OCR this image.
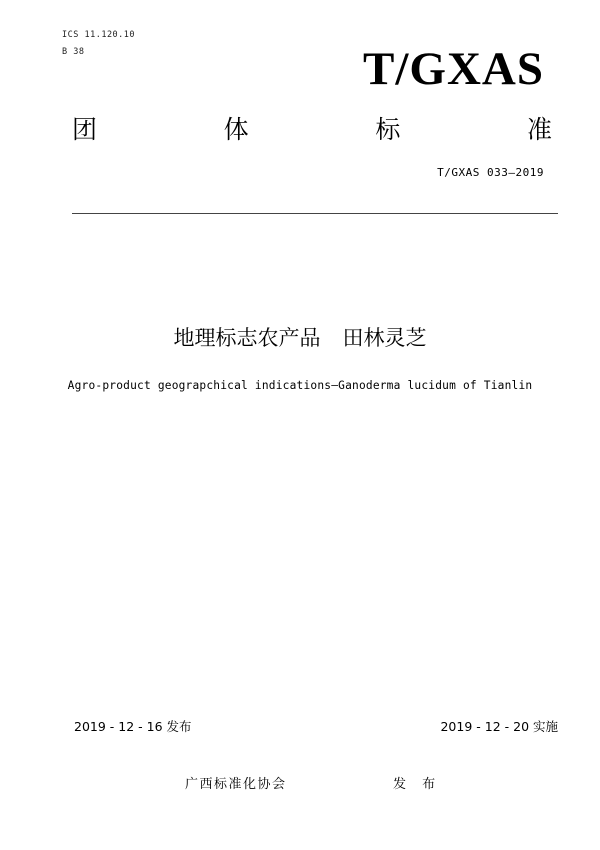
ICS 11.120.10
B 38	T/GXAS
团	体	标	准
T/GXAS 033—2019
地理标志农产品 田林灵芝
Agro-product geograpchical indications—Ganoderma lucidum of Tianlin
2019 - 12 - 16 发布	2019 - 12 - 20 实施
广西标准化协会	发 布
